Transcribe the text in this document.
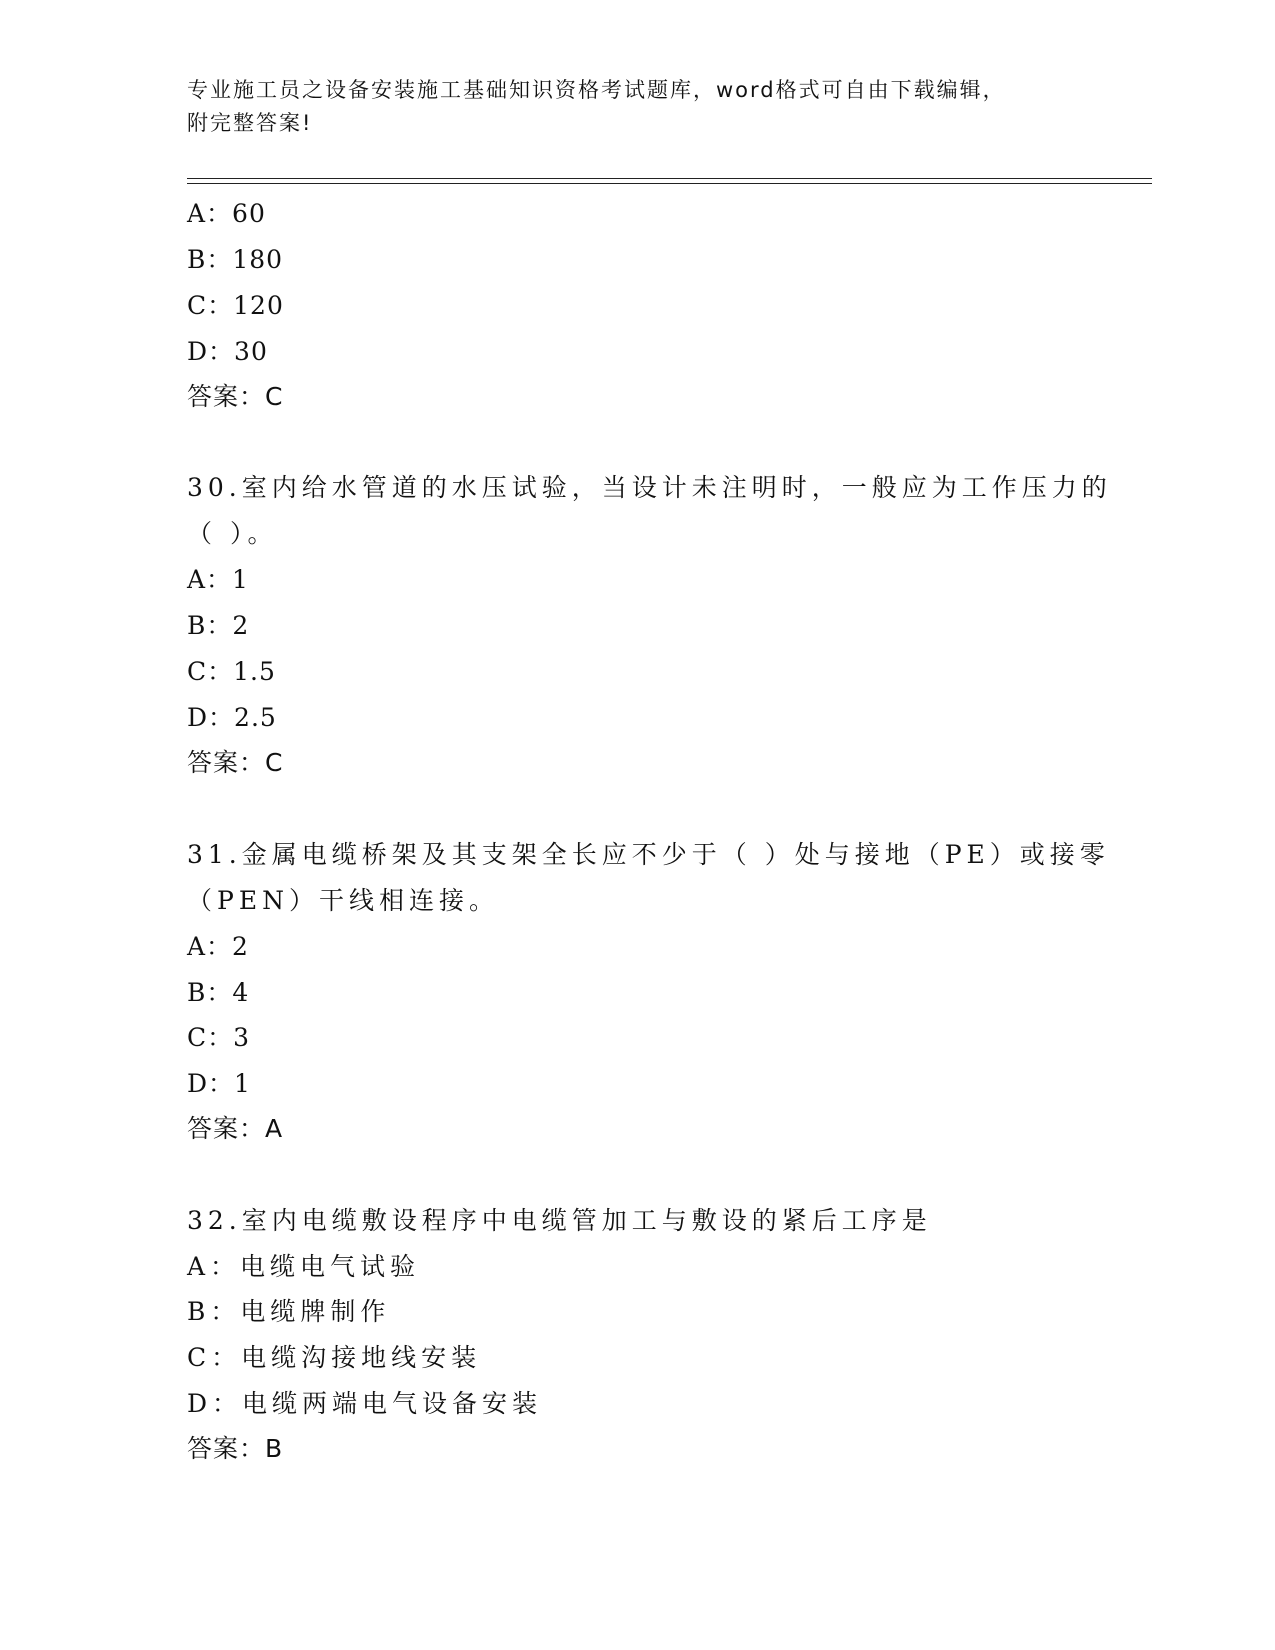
专业施工员之设备安装施工基础知识资格考试题库，word格式可自由下载编辑，
附完整答案!
A：60
B：180
C：120
D：30
答案：C
30.室内给水管道的水压试验，当设计未注明时，一般应为工作压力的
（ ）。
A：1
B：2
C：1.5
D：2.5
答案：C
31.金属电缆桥架及其支架全长应不少于（ ）处与接地（PE）或接零
（PEN）干线相连接。
A：2
B：4
C：3
D：1
答案：A
32.室内电缆敷设程序中电缆管加工与敷设的紧后工序是
A：电缆电气试验
B：电缆牌制作
C：电缆沟接地线安装
D：电缆两端电气设备安装
答案：B
